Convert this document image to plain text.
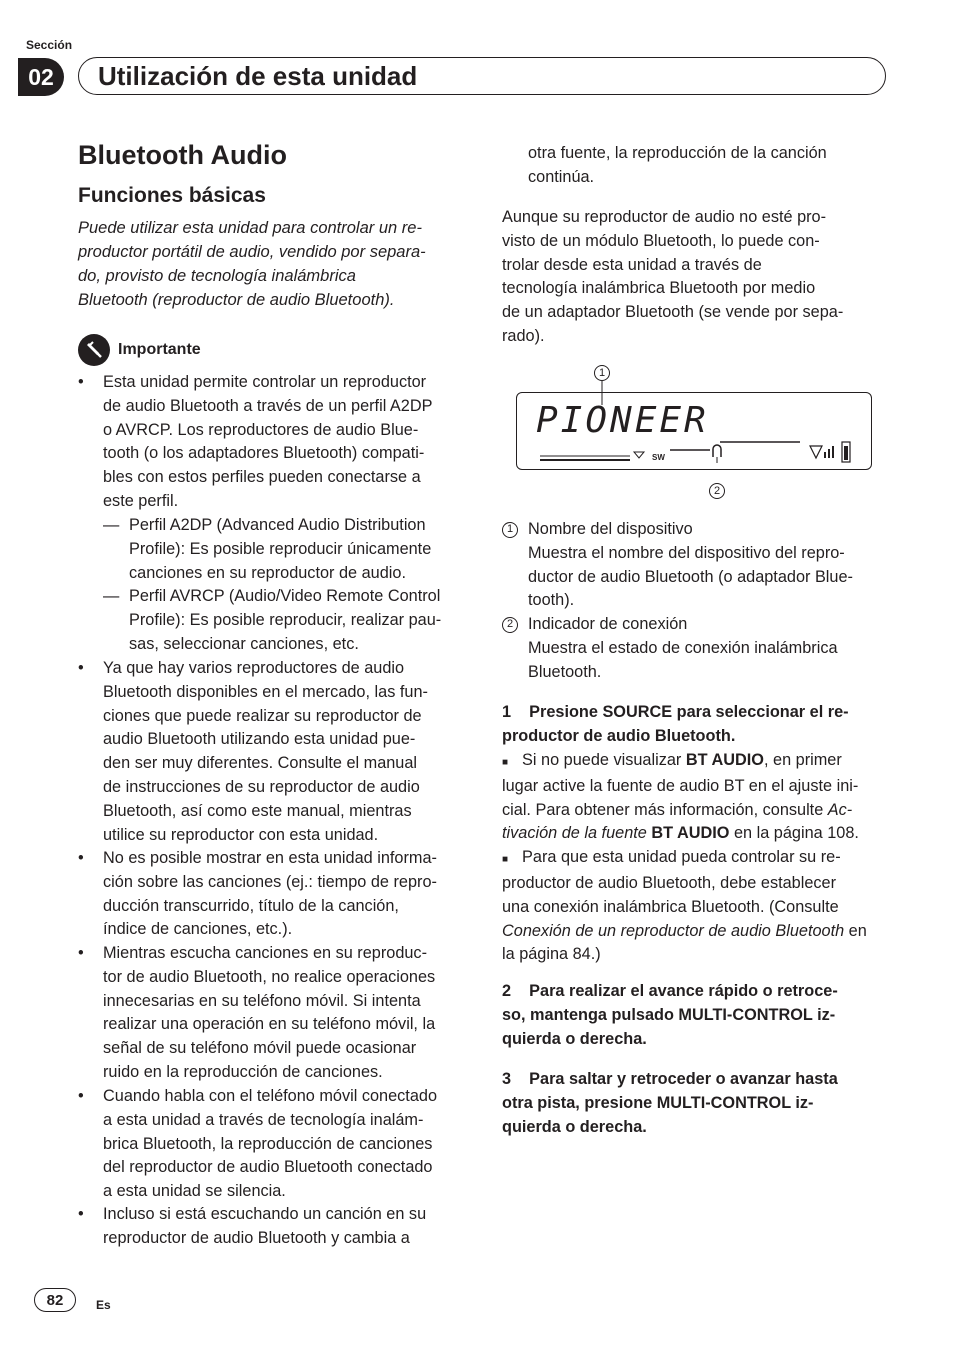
Sección
02	Utilización de esta unidad
Bluetooth Audio
Funciones básicas
Puede utilizar esta unidad para controlar un re-
productor portátil de audio, vendido por separa-
do, provisto de tecnología inalámbrica
Bluetooth (reproductor de audio Bluetooth).
Importante
• Esta unidad permite controlar un reproductor
de audio Bluetooth a través de un perfil A2DP
o AVRCP. Los reproductores de audio Blue-
tooth (o los adaptadores Bluetooth) compati-
bles con estos perfiles pueden conectarse a
este perfil.
— Perfil A2DP (Advanced Audio Distribution
Profile): Es posible reproducir únicamente
canciones en su reproductor de audio.
— Perfil AVRCP (Audio/Video Remote Control
Profile): Es posible reproducir, realizar pau-
sas, seleccionar canciones, etc.
• Ya que hay varios reproductores de audio
Bluetooth disponibles en el mercado, las fun-
ciones que puede realizar su reproductor de
audio Bluetooth utilizando esta unidad pue-
den ser muy diferentes. Consulte el manual
de instrucciones de su reproductor de audio
Bluetooth, así como este manual, mientras
utilice su reproductor con esta unidad.
• No es posible mostrar en esta unidad informa-
ción sobre las canciones (ej.: tiempo de repro-
ducción transcurrido, título de la canción,
índice de canciones, etc.).
• Mientras escucha canciones en su reproduc-
tor de audio Bluetooth, no realice operaciones
innecesarias en su teléfono móvil. Si intenta
realizar una operación en su teléfono móvil, la
señal de su teléfono móvil puede ocasionar
ruido en la reproducción de canciones.
• Cuando habla con el teléfono móvil conectado
a esta unidad a través de tecnología inalám-
brica Bluetooth, la reproducción de canciones
del reproductor de audio Bluetooth conectado
a esta unidad se silencia.
• Incluso si está escuchando un canción en su
reproductor de audio Bluetooth y cambia a
otra fuente, la reproducción de la canción
continúa.
Aunque su reproductor de audio no esté pro-
visto de un módulo Bluetooth, lo puede con-
trolar desde esta unidad a través de
tecnología inalámbrica Bluetooth por medio
de un adaptador Bluetooth (se vende por sepa-
rado).
1
PIONEER
SW
2
1 Nombre del dispositivo
Muestra el nombre del dispositivo del repro-
ductor de audio Bluetooth (o adaptador Blue-
tooth).
2 Indicador de conexión
Muestra el estado de conexión inalámbrica
Bluetooth.
1    Presione SOURCE para seleccionar el re-
productor de audio Bluetooth.
■ Si no puede visualizar BT AUDIO, en primer
lugar active la fuente de audio BT en el ajuste ini-
cial. Para obtener más información, consulte Ac-
tivación de la fuente BT AUDIO en la página 108.
■ Para que esta unidad pueda controlar su re-
productor de audio Bluetooth, debe establecer
una conexión inalámbrica Bluetooth. (Consulte
Conexión de un reproductor de audio Bluetooth en
la página 84.)
2    Para realizar el avance rápido o retroce-
so, mantenga pulsado MULTI-CONTROL iz-
quierda o derecha.
3    Para saltar y retroceder o avanzar hasta
otra pista, presione MULTI-CONTROL iz-
quierda o derecha.
82	Es
